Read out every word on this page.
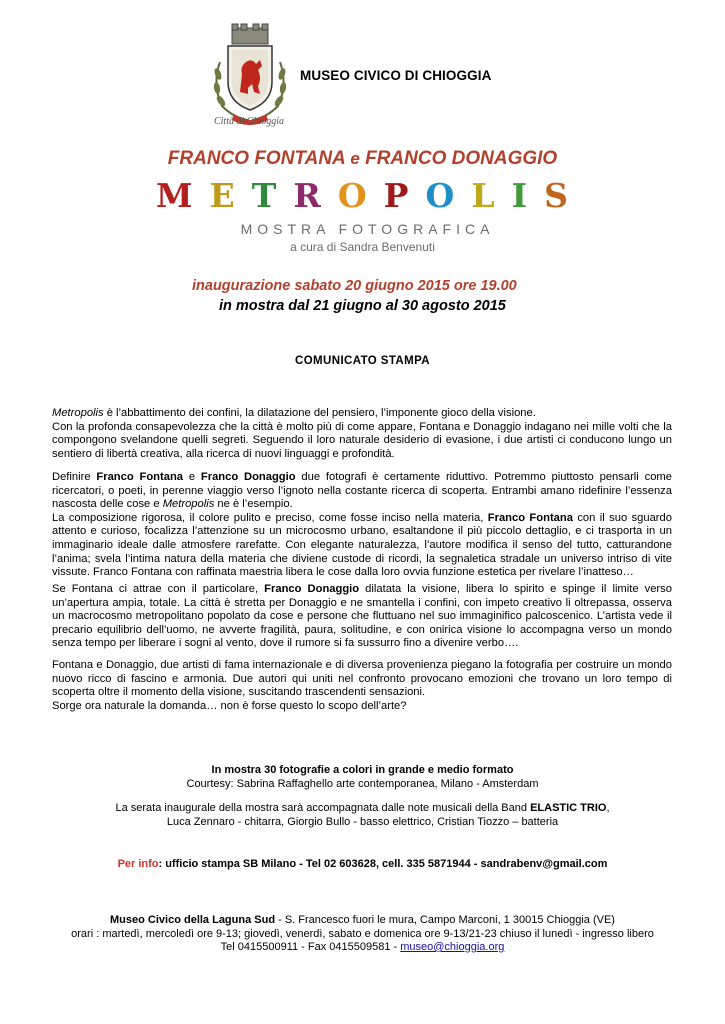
Città di Chioggia
MUSEO CIVICO DI CHIOGGIA
FRANCO FONTANA e FRANCO DONAGGIO
M E T R O P O L I S
MOSTRA FOTOGRAFICA
a cura di Sandra Benvenuti
inaugurazione sabato 20 giugno 2015 ore 19.00
in mostra dal 21 giugno al 30 agosto 2015
COMUNICATO STAMPA

Metropolis è l’abbattimento dei confini, la dilatazione del pensiero, l’imponente gioco della visione.

Con la profonda consapevolezza che la città è molto più di come appare, Fontana e Donaggio indagano nei mille volti che la compongono svelandone quelli segreti. Seguendo il loro naturale desiderio di evasione, i due artisti ci conducono lungo un sentiero di libertà creativa, alla ricerca di nuovi linguaggi e profondità.

Definire Franco Fontana e Franco Donaggio due fotografi è certamente riduttivo. Potremmo piuttosto pensarli come ricercatori, o poeti, in perenne viaggio verso l’ignoto nella costante ricerca di scoperta. Entrambi amano ridefinire l’essenza nascosta delle cose e Metropolis ne è l’esempio.

La composizione rigorosa, il colore pulito e preciso, come fosse inciso nella materia, Franco Fontana con il suo sguardo attento e curioso, focalizza l’attenzione su un microcosmo urbano, esaltandone il più piccolo dettaglio, e ci trasporta in un immaginario ideale dalle atmosfere rarefatte. Con elegante naturalezza, l’autore modifica il senso del tutto, catturandone l’anima; svela l’intima natura della materia che diviene custode di ricordi, la segnaletica stradale un universo intriso di vite vissute. Franco Fontana con raffinata maestria libera le cose dalla loro ovvia funzione estetica per rivelare l’inatteso…

Se Fontana ci attrae con il particolare, Franco Donaggio dilatata la visione, libera lo spirito e spinge il limite verso un’apertura ampia, totale. La città è stretta per Donaggio e ne smantella i confini, con impeto creativo li oltrepassa, osserva un macrocosmo metropolitano popolato da cose e persone che fluttuano nel suo immaginifico palcoscenico. L’artista vede il precario equilibrio dell’uomo, ne avverte fragilità, paura, solitudine, e con onirica visione lo accompagna verso un mondo senza tempo per liberare i sogni al vento, dove il rumore si fa sussurro fino a divenire verbo….

Fontana e Donaggio, due artisti di fama internazionale e di diversa provenienza piegano la fotografia per costruire un mondo nuovo ricco di fascino e armonia. Due autori qui uniti nel confronto provocano emozioni che trovano un loro tempo di scoperta oltre il momento della visione, suscitando trascendenti sensazioni.

Sorge ora naturale la domanda… non è forse questo lo scopo dell’arte?

In mostra 30 fotografie a colori in grande e medio formato
Courtesy: Sabrina Raffaghello arte contemporanea, Milano - Amsterdam
La serata inaugurale della mostra sarà accompagnata dalle note musicali della Band ELASTIC TRIO,
Luca Zennaro - chitarra, Giorgio Bullo - basso elettrico, Cristian Tiozzo – batteria
Per info: ufficio stampa SB Milano - Tel 02 603628, cell. 335 5871944 - sandrabenv@gmail.com
Museo Civico della Laguna Sud - S. Francesco fuori le mura, Campo Marconi, 1 30015 Chioggia (VE)
orari : martedì, mercoledì ore 9-13; giovedì, venerdì, sabato e domenica ore 9-13/21-23 chiuso il lunedì - ingresso libero
Tel 0415500911 - Fax 0415509581 - museo@chioggia.org
